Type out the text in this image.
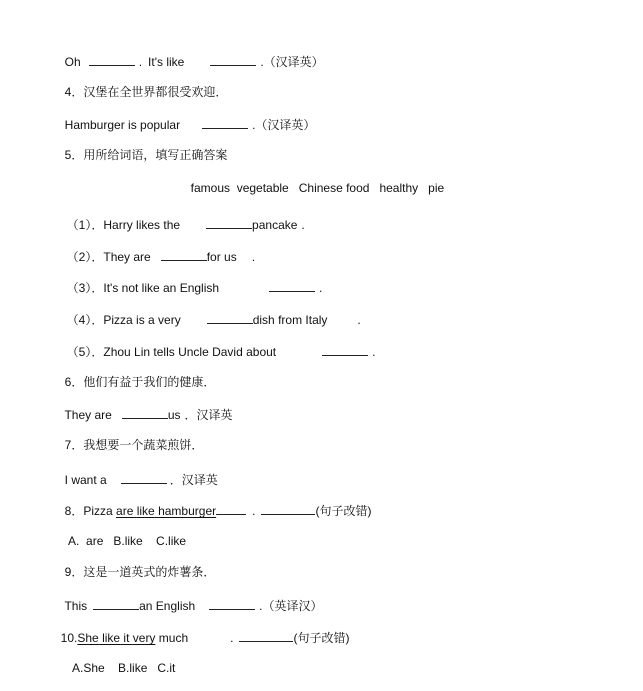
Oh	. It's like	.（汉译英）

4．汉堡在全世界都很受欢迎．

Hamburger is popular	.（汉译英）

5．用所给词语，填写正确答案

famous  vegetable   Chinese food   healthy   pie

（1）．Harry likes the	pancake .

（2）．They are	for us .

（3）．It's not like an English	.

（4）．Pizza is a very	dish from Italy	.

（5）．Zhou Lin tells Uncle David about	.

6．他们有益于我们的健康．

They are	us ．汉译英

7．我想要一个蔬菜煎饼．

I want a	．汉译英

8．Pizza are like hamburger	.	(句子改错)

A.  are   B.like    C.like

9．这是一道英式的炸薯条．

This	an English	.（英译汉）

10.She like it very much	.	(句子改错)

A.She    B.like   C.it
